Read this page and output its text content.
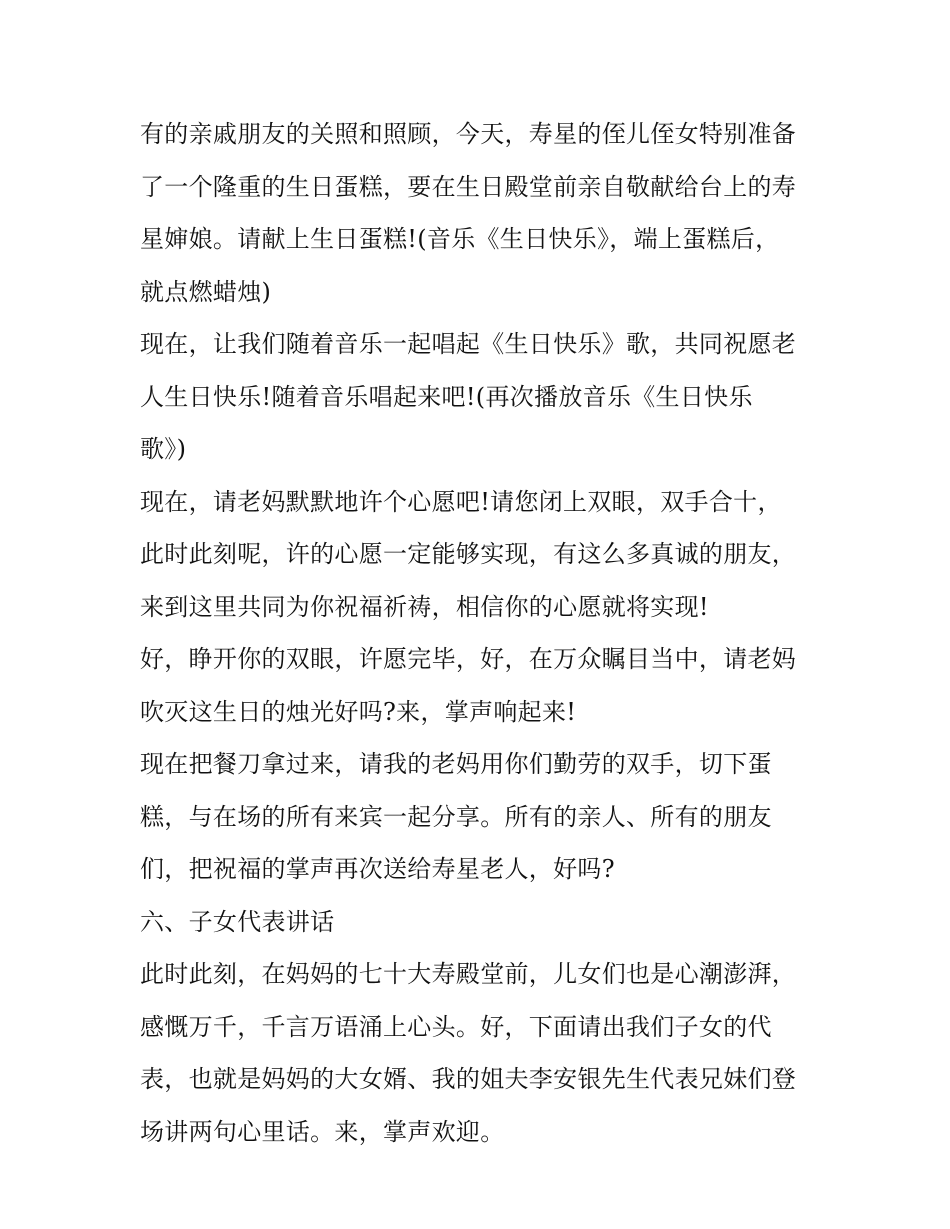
有的亲戚朋友的关照和照顾，今天，寿星的侄儿侄女特别准备
了一个隆重的生日蛋糕，要在生日殿堂前亲自敬献给台上的寿
星婶娘。请献上生日蛋糕!(音乐《生日快乐》，端上蛋糕后，
就点燃蜡烛)
现在，让我们随着音乐一起唱起《生日快乐》歌，共同祝愿老
人生日快乐!随着音乐唱起来吧!(再次播放音乐《生日快乐
歌》)
现在，请老妈默默地许个心愿吧!请您闭上双眼，双手合十，
此时此刻呢，许的心愿一定能够实现，有这么多真诚的朋友，
来到这里共同为你祝福祈祷，相信你的心愿就将实现!
好，睁开你的双眼，许愿完毕，好，在万众瞩目当中，请老妈
吹灭这生日的烛光好吗?来，掌声响起来!
现在把餐刀拿过来，请我的老妈用你们勤劳的双手，切下蛋
糕，与在场的所有来宾一起分享。所有的亲人、所有的朋友
们，把祝福的掌声再次送给寿星老人，好吗?
六、子女代表讲话
此时此刻，在妈妈的七十大寿殿堂前，儿女们也是心潮澎湃，
感慨万千，千言万语涌上心头。好，下面请出我们子女的代
表，也就是妈妈的大女婿、我的姐夫李安银先生代表兄妹们登
场讲两句心里话。来，掌声欢迎。
